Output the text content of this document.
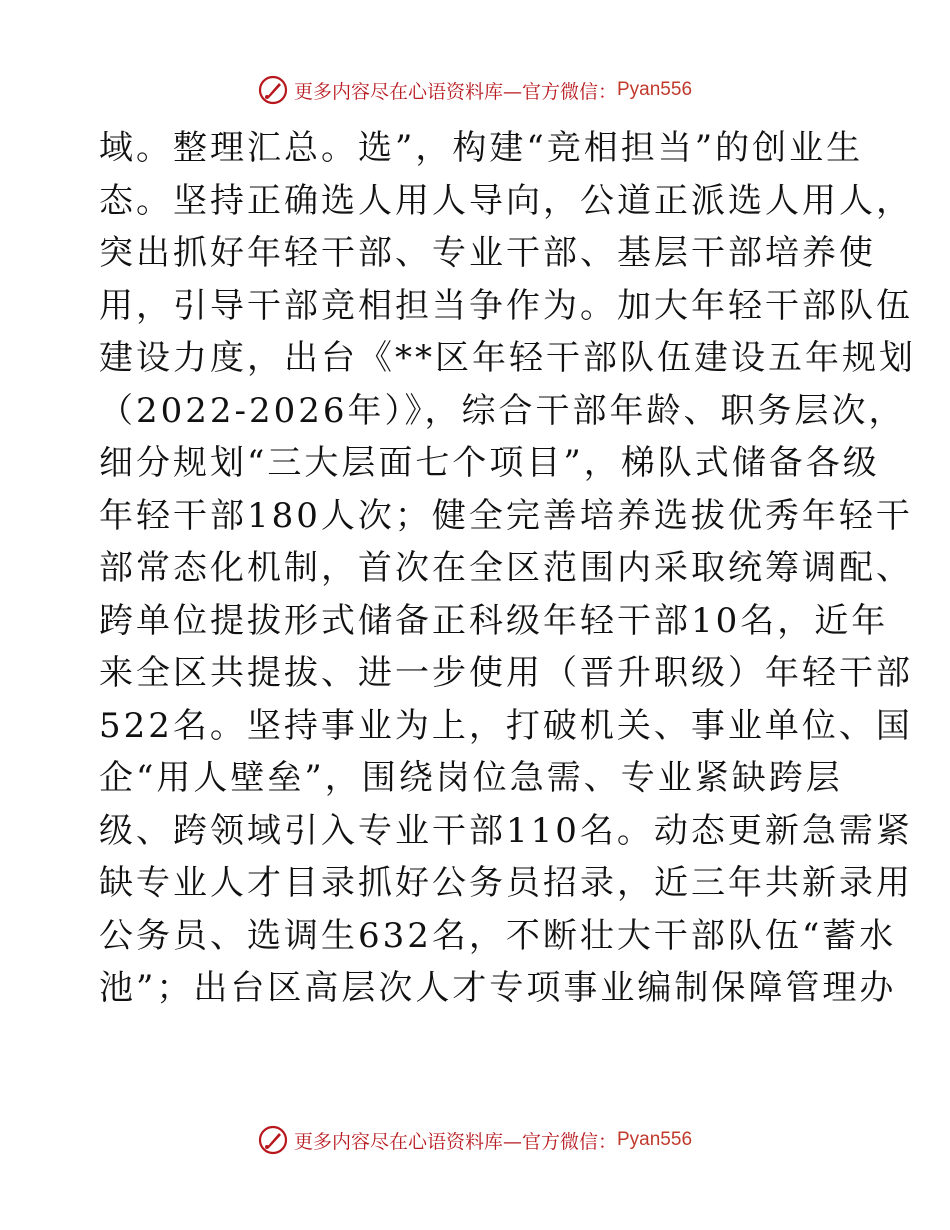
更多内容尽在心语资料库—官方微信： Pyan556
域。整理汇总。选”，构建“竞相担当”的创业生
态。坚持正确选人用人导向，公道正派选人用人，
突出抓好年轻干部、专业干部、基层干部培养使
用，引导干部竞相担当争作为。加大年轻干部队伍
建设力度，出台《**区年轻干部队伍建设五年规划
（2022-2026年）》，综合干部年龄、职务层次，
细分规划“三大层面七个项目”，梯队式储备各级
年轻干部180人次；健全完善培养选拔优秀年轻干
部常态化机制，首次在全区范围内采取统筹调配、
跨单位提拔形式储备正科级年轻干部10名，近年
来全区共提拔、进一步使用（晋升职级）年轻干部
522名。坚持事业为上，打破机关、事业单位、国
企“用人壁垒”，围绕岗位急需、专业紧缺跨层
级、跨领域引入专业干部110名。动态更新急需紧
缺专业人才目录抓好公务员招录，近三年共新录用
公务员、选调生632名，不断壮大干部队伍“蓄水
池”；出台区高层次人才专项事业编制保障管理办
更多内容尽在心语资料库—官方微信： Pyan556
